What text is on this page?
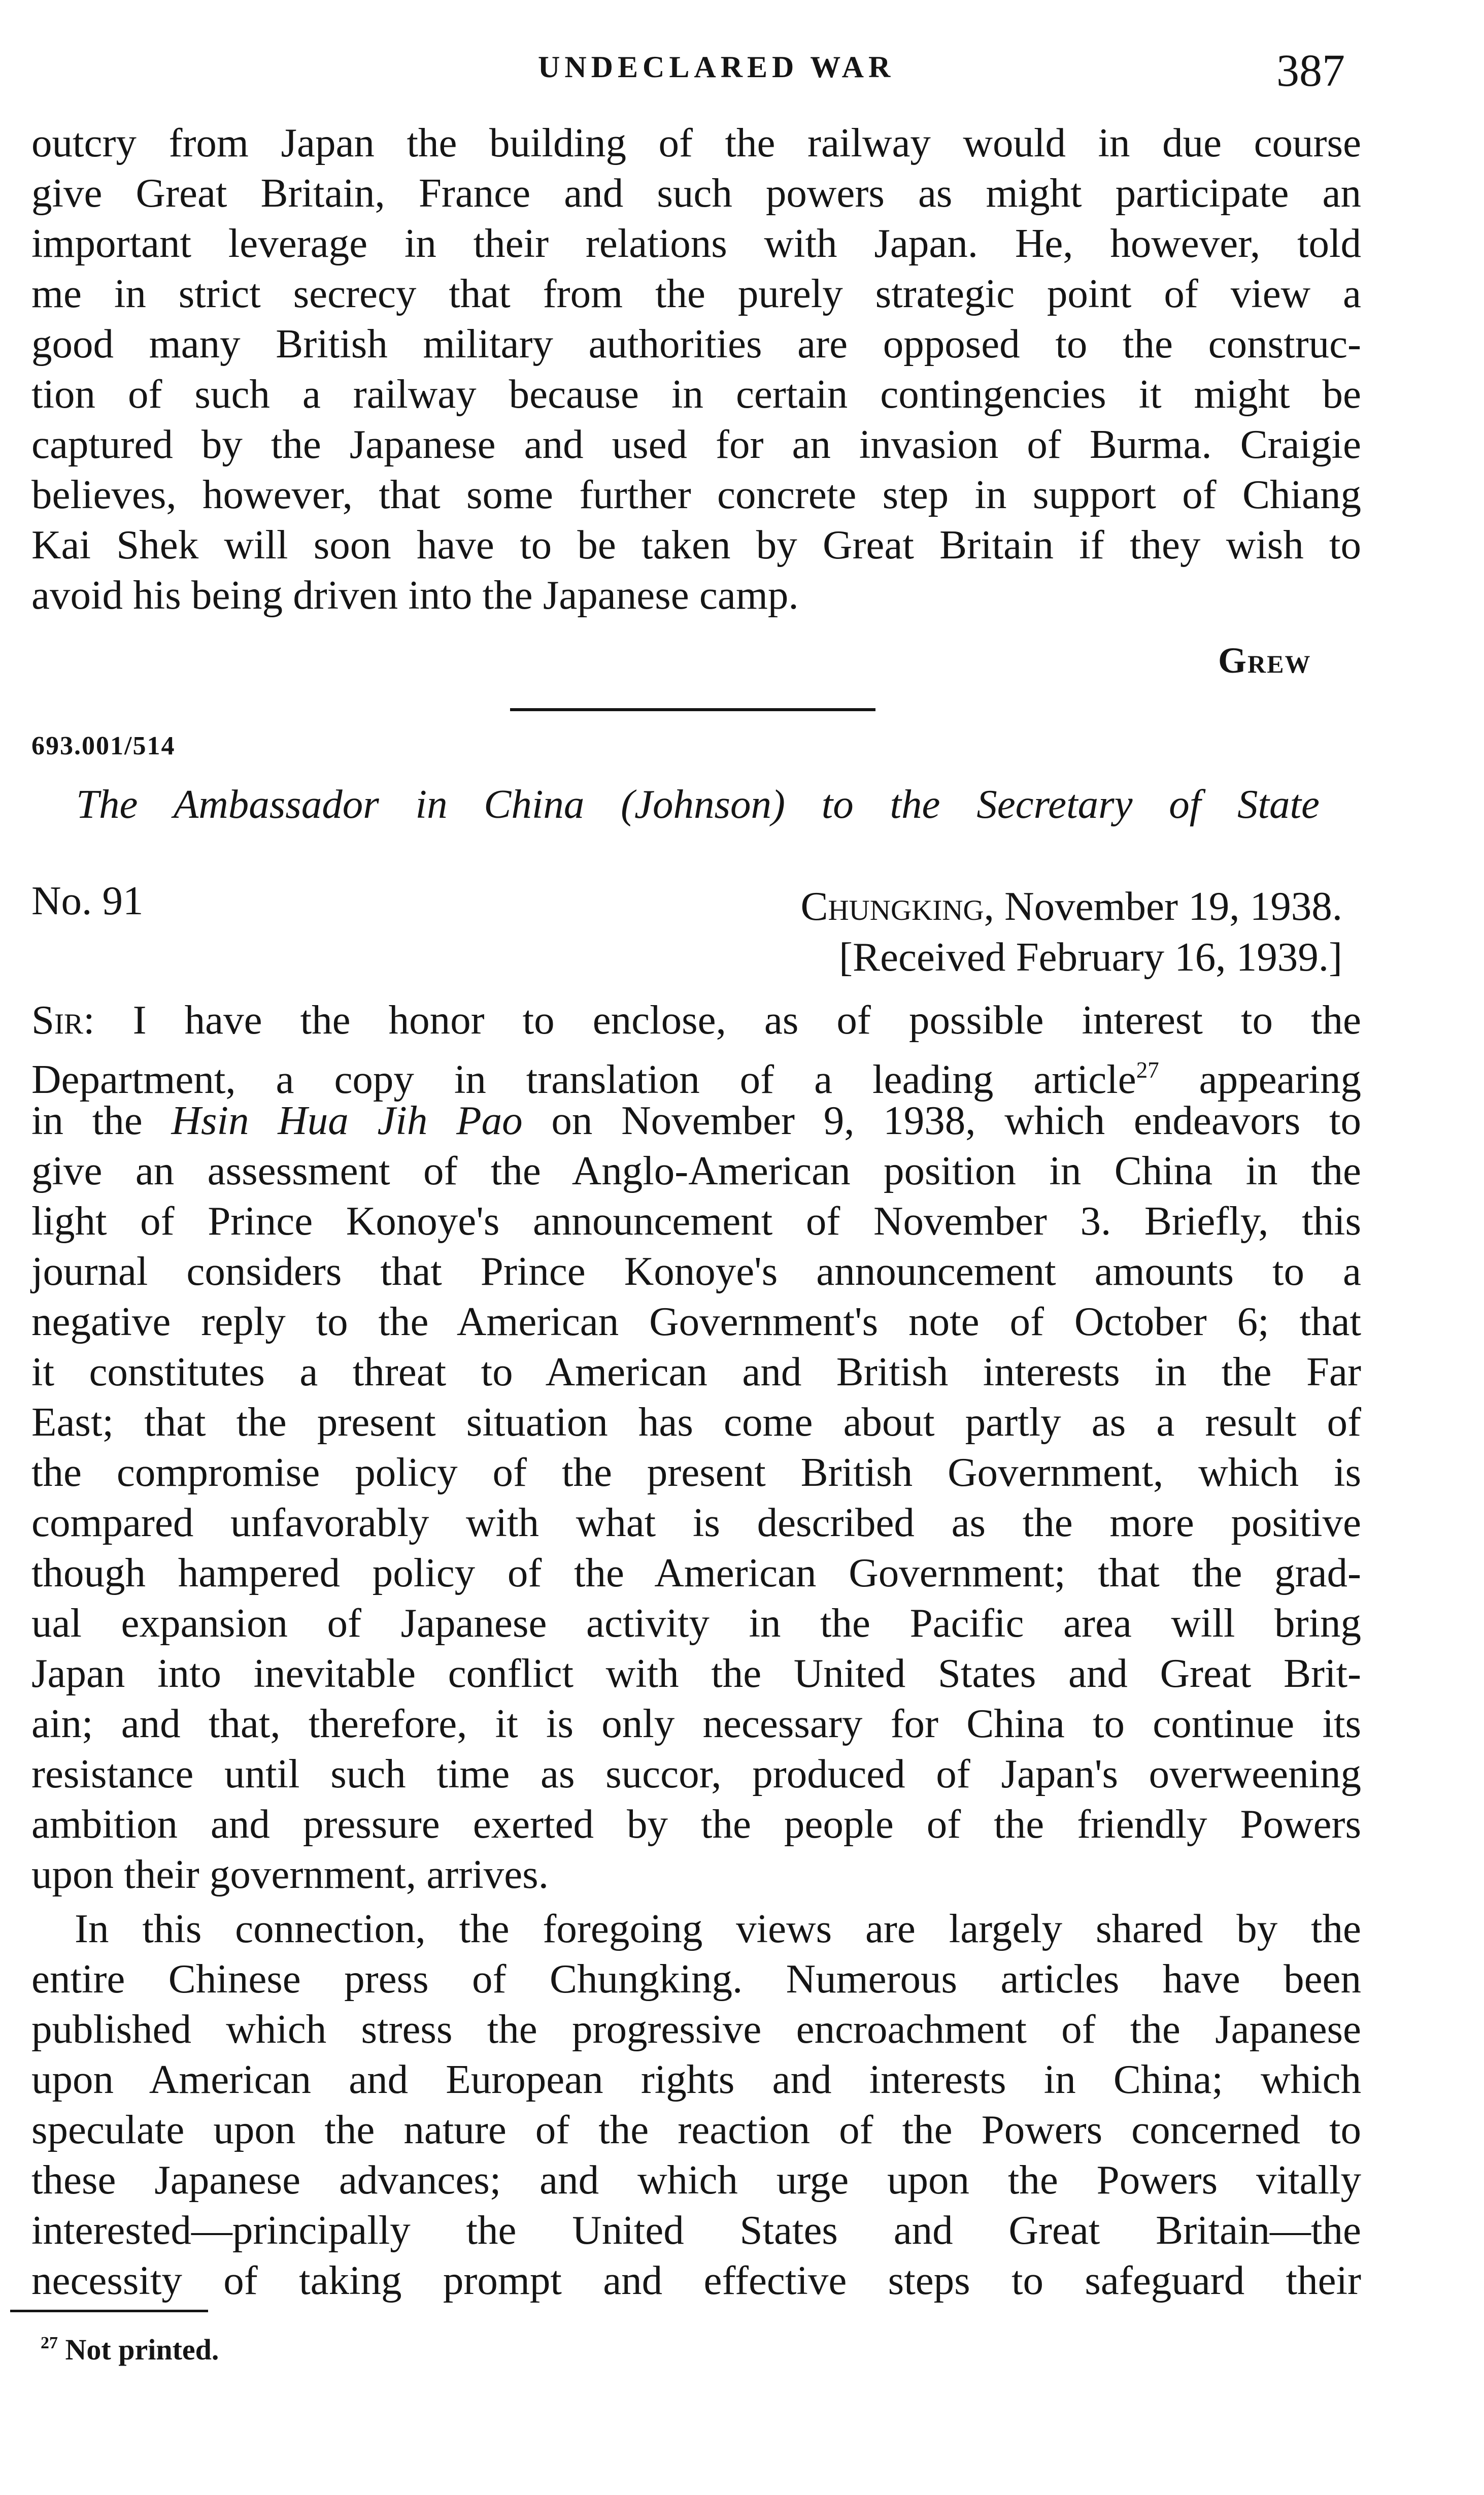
UNDECLARED WAR	387
outcry from Japan the building of the railway would in due course
give Great Britain, France and such powers as might participate an
important leverage in their relations with Japan. He, however, told
me in strict secrecy that from the purely strategic point of view a
good many British military authorities are opposed to the construc-
tion of such a railway because in certain contingencies it might be
captured by the Japanese and used for an invasion of Burma. Craigie
believes, however, that some further concrete step in support of Chiang
Kai Shek will soon have to be taken by Great Britain if they wish to
avoid his being driven into the Japanese camp.
Grew
693.001/514
The Ambassador in China (Johnson) to the Secretary of State
No. 91	Chungking, November 19, 1938.
[Received February 16, 1939.]
Sir: I have the honor to enclose, as of possible interest to the
Department, a copy in translation of a leading article$^{27}$ appearing
in the Hsin Hua Jih Pao on November 9, 1938, which endeavors to
give an assessment of the Anglo-American position in China in the
light of Prince Konoye's announcement of November 3. Briefly, this
journal considers that Prince Konoye's announcement amounts to a
negative reply to the American Government's note of October 6; that
it constitutes a threat to American and British interests in the Far
East; that the present situation has come about partly as a result of
the compromise policy of the present British Government, which is
compared unfavorably with what is described as the more positive
though hampered policy of the American Government; that the grad-
ual expansion of Japanese activity in the Pacific area will bring
Japan into inevitable conflict with the United States and Great Brit-
ain; and that, therefore, it is only necessary for China to continue its
resistance until such time as succor, produced of Japan's overweening
ambition and pressure exerted by the people of the friendly Powers
upon their government, arrives.
In this connection, the foregoing views are largely shared by the
entire Chinese press of Chungking. Numerous articles have been
published which stress the progressive encroachment of the Japanese
upon American and European rights and interests in China; which
speculate upon the nature of the reaction of the Powers concerned to
these Japanese advances; and which urge upon the Powers vitally
interested—principally the United States and Great Britain—the
necessity of taking prompt and effective steps to safeguard their
$^{27}$ Not printed.
